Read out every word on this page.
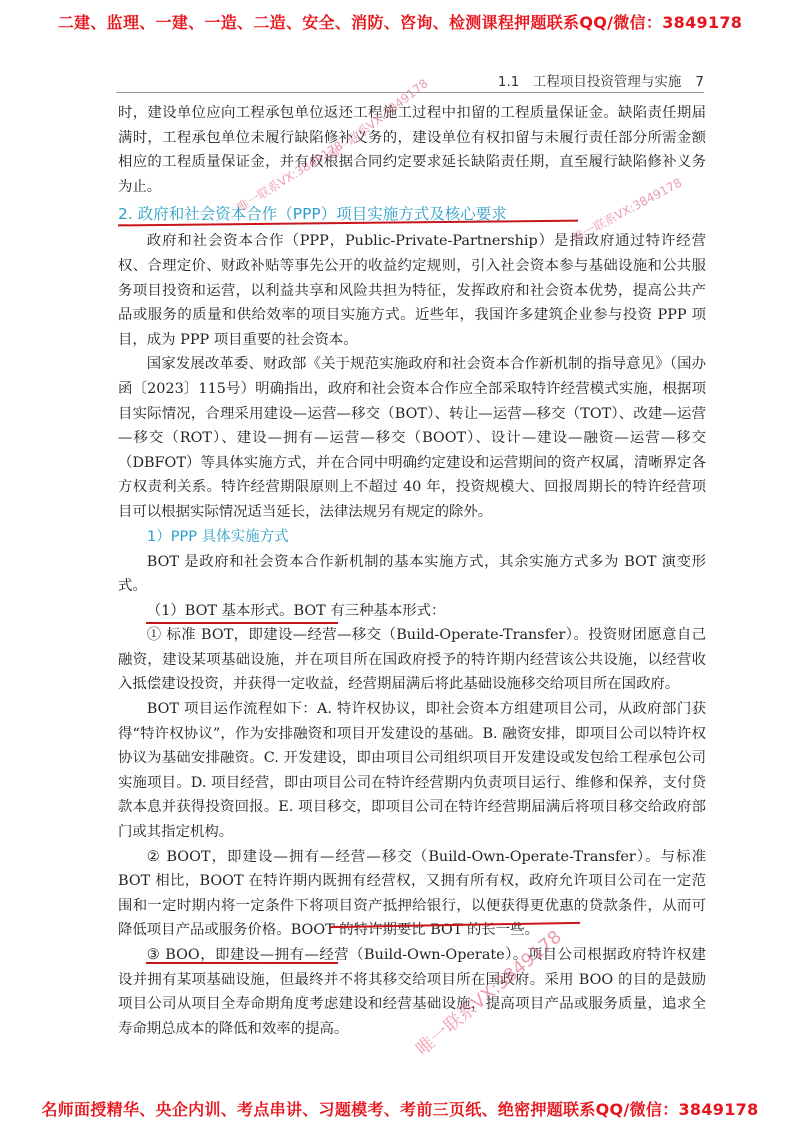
二建、监理、一建、一造、二造、安全、消防、咨询、检测课程押题联系QQ/微信：3849178
1.1　工程项目投资管理与实施 7

时，建设单位应向工程承包单位返还工程施工过程中扣留的工程质量保证金。缺陷责任期届满时，工程承包单位未履行缺陷修补义务的，建设单位有权扣留与未履行责任部分所需金额相应的工程质量保证金，并有权根据合同约定要求延长缺陷责任期，直至履行缺陷修补义务为止。

2. 政府和社会资本合作（PPP）项目实施方式及核心要求

政府和社会资本合作（PPP，Public-Private-Partnership）是指政府通过特许经营权、合理定价、财政补贴等事先公开的收益约定规则，引入社会资本参与基础设施和公共服务项目投资和运营，以利益共享和风险共担为特征，发挥政府和社会资本优势，提高公共产品或服务的质量和供给效率的项目实施方式。近些年，我国许多建筑企业参与投资 PPP 项目，成为 PPP 项目重要的社会资本。

国家发展改革委、财政部《关于规范实施政府和社会资本合作新机制的指导意见》（国办函〔2023〕115号）明确指出，政府和社会资本合作应全部采取特许经营模式实施，根据项目实际情况，合理采用建设—运营—移交（BOT）、转让—运营—移交（TOT）、改建—运营—移交（ROT）、建设—拥有—运营—移交（BOOT）、设计—建设—融资—运营—移交（DBFOT）等具体实施方式，并在合同中明确约定建设和运营期间的资产权属，清晰界定各方权责利关系。特许经营期限原则上不超过 40 年，投资规模大、回报周期长的特许经营项目可以根据实际情况适当延长，法律法规另有规定的除外。

1）PPP 具体实施方式

BOT 是政府和社会资本合作新机制的基本实施方式，其余实施方式多为 BOT 演变形式。

（1）BOT 基本形式。BOT 有三种基本形式：

① 标准 BOT，即建设—经营—移交（Build-Operate-Transfer）。投资财团愿意自己融资，建设某项基础设施，并在项目所在国政府授予的特许期内经营该公共设施，以经营收入抵偿建设投资，并获得一定收益，经营期届满后将此基础设施移交给项目所在国政府。

BOT 项目运作流程如下：A. 特许权协议，即社会资本方组建项目公司，从政府部门获得“特许权协议”，作为安排融资和项目开发建设的基础。B. 融资安排，即项目公司以特许权协议为基础安排融资。C. 开发建设，即由项目公司组织项目开发建设或发包给工程承包公司实施项目。D. 项目经营，即由项目公司在特许经营期内负责项目运行、维修和保养，支付贷款本息并获得投资回报。E. 项目移交，即项目公司在特许经营期届满后将项目移交给政府部门或其指定机构。

② BOOT，即建设—拥有—经营—移交（Build-Own-Operate-Transfer）。与标准 BOT 相比，BOOT 在特许期内既拥有经营权，又拥有所有权，政府允许项目公司在一定范围和一定时期内将一定条件下将项目资产抵押给银行，以便获得更优惠的贷款条件，从而可降低项目产品或服务价格。BOOT 的特许期要比 BOT 的长一些。

③ BOO，即建设—拥有—经营（Build-Own-Operate）。项目公司根据政府特许权建设并拥有某项基础设施，但最终并不将其移交给项目所在国政府。采用 BOO 的目的是鼓励项目公司从项目全寿命期角度考虑建设和经营基础设施，提高项目产品或服务质量，追求全寿命期总成本的降低和效率的提高。

唯一联系VX:3849178
唯一联系VX:3849178	唯一联系VX:3849178
唯一联系VX:3849178
名师面授精华、央企内训、考点串讲、习题模考、考前三页纸、绝密押题联系QQ/微信：3849178
